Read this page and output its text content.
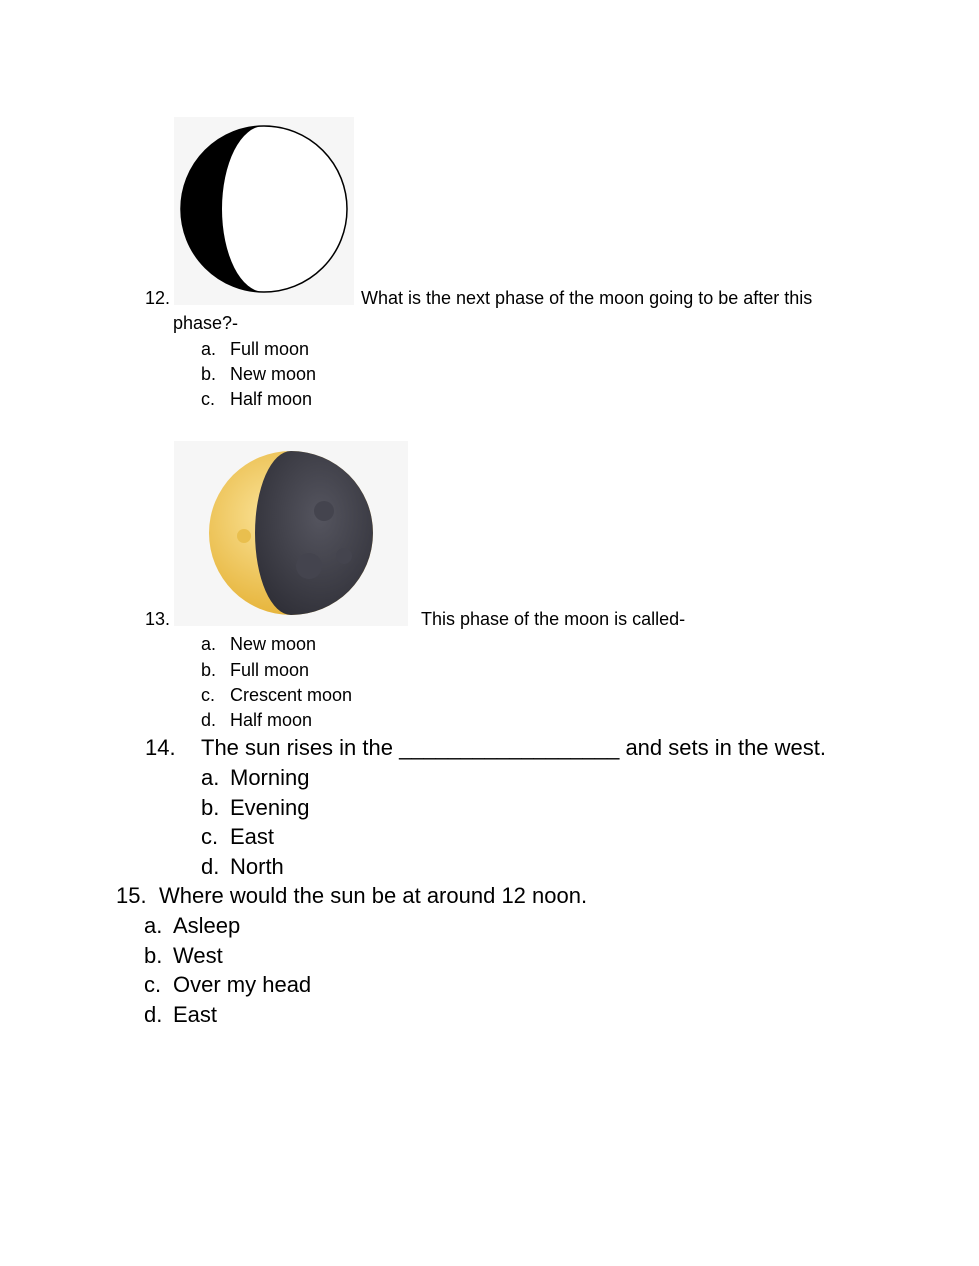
12.	What is the next phase of the moon going to be after this
phase?-
a. Full moon
b. New moon
c. Half moon
13.	This phase of the moon is called-
a. New moon
b. Full moon
c. Crescent moon
d. Half moon
14. The sun rises in the __________________ and sets in the west.
a. Morning
b. Evening
c. East
d. North
15. Where would the sun be at around 12 noon.
a. Asleep
b. West
c. Over my head
d. East
